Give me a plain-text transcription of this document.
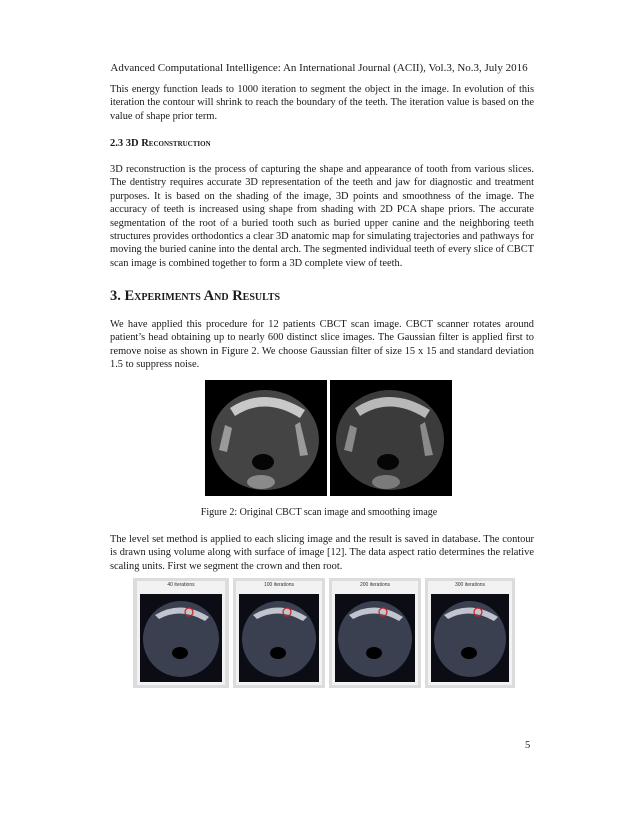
Advanced Computational Intelligence: An International Journal (ACII), Vol.3, No.3, July 2016

This energy function leads to 1000 iteration to segment the object in the image. In evolution of this iteration the contour will shrink to reach the boundary of the teeth. The iteration value is based on the value of shape prior term.

2.3 3D Reconstruction

3D reconstruction is the process of capturing the shape and appearance of tooth from various slices. The dentistry requires accurate 3D representation of the teeth and jaw for diagnostic and treatment purposes. It is based on the shading of the image, 3D points and smoothness of the image. The accuracy of teeth is increased using shape from shading with 2D PCA shape priors. The accurate segmentation of the root of a buried tooth such as buried upper canine and the neighboring teeth structures provides orthodontics a clear 3D anatomic map for simulating trajectories and pathways for moving the buried canine into the dental arch. The segmented individual teeth of every slice of CBCT scan image is combined together to form a 3D complete view of teeth.

3. Experiments And Results

We have applied this procedure for 12 patients CBCT scan image. CBCT scanner rotates around patient’s head obtaining up to nearly 600 distinct slice images. The Gaussian filter is applied first to remove noise as shown in Figure 2. We choose Gaussian filter of size 15 x 15 and standard deviation 1.5 to suppress noise.

Figure 2: Original CBCT scan image and smoothing image

The level set method is applied to each slicing image and the result is saved in database. The contour is drawn using volume along with surface of image [12]. The data aspect ratio determines the relative scaling units. First we segment the crown and then root.

40 iterations	100 iterations	200 iterations	300 iterations
5
